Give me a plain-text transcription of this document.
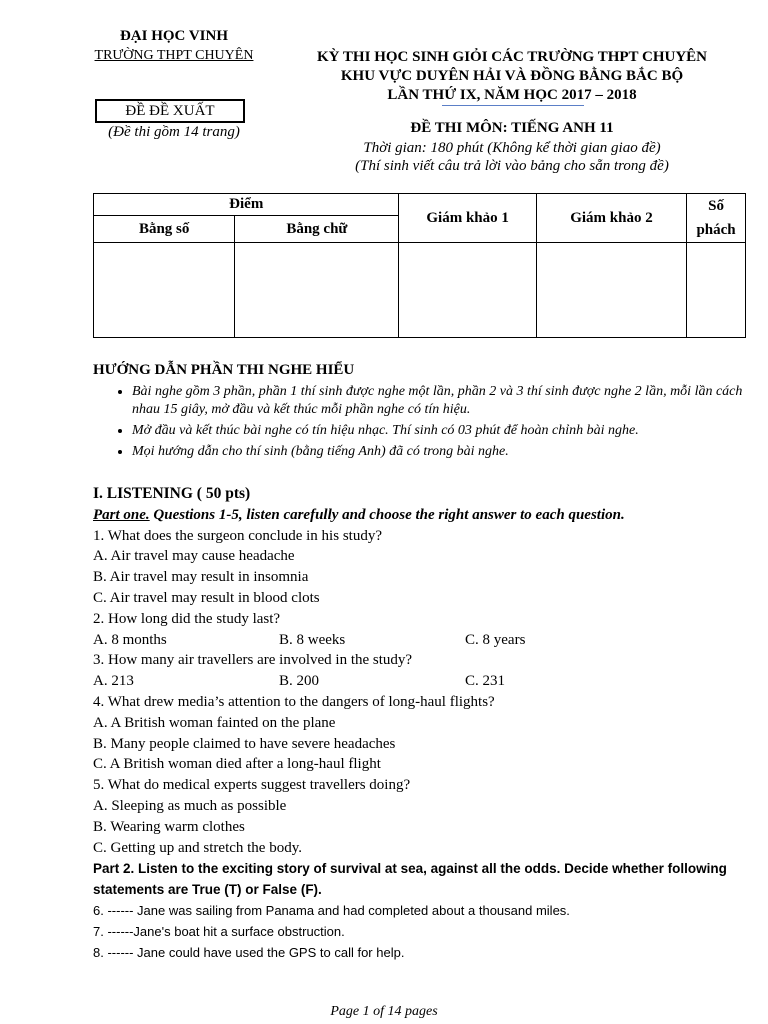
ĐẠI HỌC VINH
TRƯỜNG THPT CHUYÊN
ĐỀ ĐỀ XUẤT
(Đề thi gồm 14 trang)
KỲ THI HỌC SINH GIỎI CÁC TRƯỜNG THPT CHUYÊN
KHU VỰC DUYÊN HẢI VÀ ĐỒNG BẰNG BẮC BỘ
LẦN THỨ IX, NĂM HỌC 2017 – 2018
ĐỀ THI MÔN: TIẾNG ANH 11
Thời gian: 180 phút (Không kể thời gian giao đề)
(Thí sinh viết câu trả lời vào bảng cho sẵn trong đề)
Điểm		Giám khảo 1	Giám khảo 2	Số phách
Bằng số	Bằng chữ			

HƯỚNG DẪN PHẦN THI NGHE HIỂU
• Bài nghe gồm 3 phần, phần 1 thí sinh được nghe một lần, phần 2 và 3 thí sinh được nghe 2 lần, mỗi lần cách nhau 15 giây, mở đầu và kết thúc mỗi phần nghe có tín hiệu.
• Mở đầu và kết thúc bài nghe có tín hiệu nhạc. Thí sinh có 03 phút để hoàn chỉnh bài nghe.
• Mọi hướng dẫn cho thí sinh (bằng tiếng Anh) đã có trong bài nghe.
I. LISTENING ( 50 pts)
Part one. Questions 1-5, listen carefully and choose the right answer to each question.
1. What does the surgeon conclude in his study?
A. Air travel may cause headache
B. Air travel may result in insomnia
C. Air travel may result in blood clots
2. How long did the study last?
A. 8 months	B. 8 weeks	C. 8 years
3. How many air travellers are involved in the study?
A. 213	B. 200	C. 231
4. What drew media’s attention to the dangers of long-haul flights?
A. A British woman fainted on the plane
B. Many people claimed to have severe headaches
C. A British woman died after a long-haul flight
5. What do medical experts suggest travellers doing?
A. Sleeping as much as possible
B. Wearing warm clothes
C. Getting up and stretch the body.
Part 2. Listen to the exciting story of survival at sea, against all the odds. Decide whether following statements are True (T) or False (F).
6. ------ Jane was sailing from Panama and had completed about a thousand miles.
7. ------Jane's boat hit a surface obstruction.
8. ------ Jane could have used the GPS to call for help.
Page 1 of 14 pages
